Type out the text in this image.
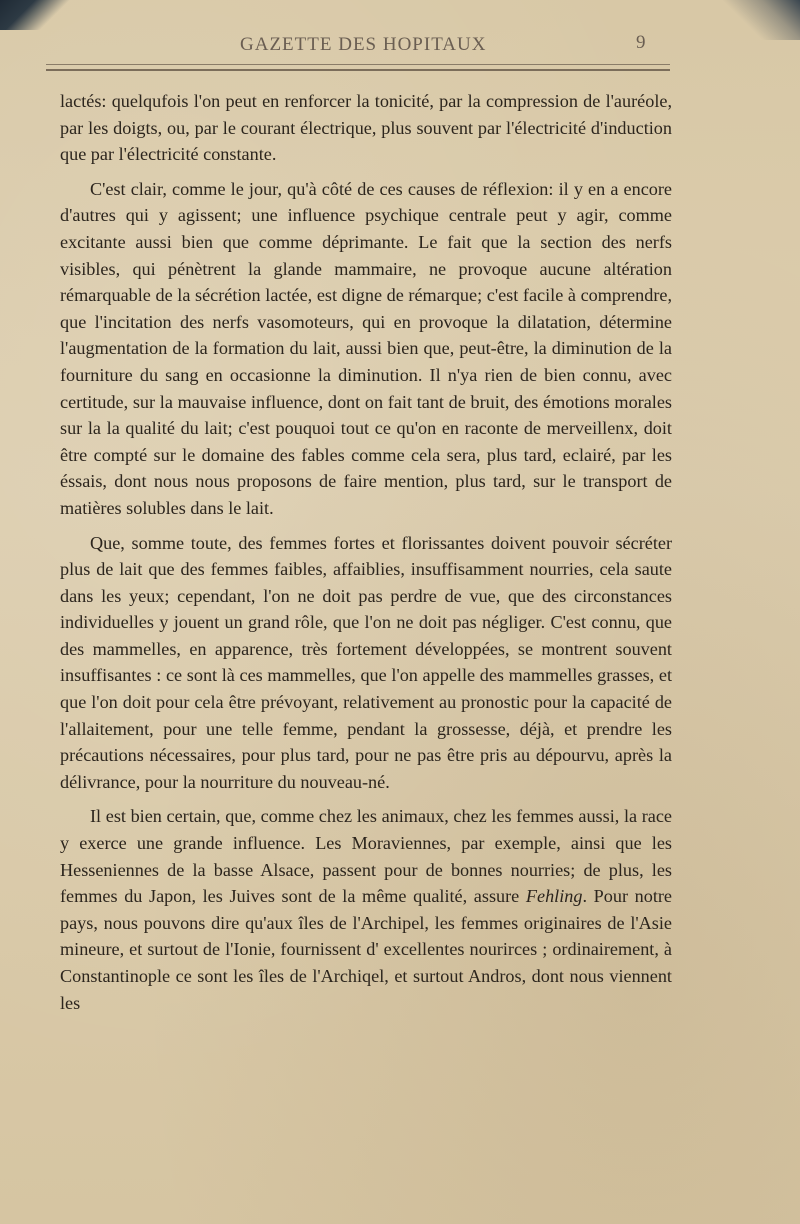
GAZETTE DES HOPITAUX	9

lactés: quelqufois l'on peut en renforcer la tonicité, par la compression de l'auréole, par les doigts, ou, par le courant électrique, plus souvent par l'électricité d'induction que par l'électricité constante.

C'est clair, comme le jour, qu'à côté de ces causes de réflexion: il y en a encore d'autres qui y agissent; une influence psychique centrale peut y agir, comme excitante aussi bien que comme déprimante. Le fait que la section des nerfs visibles, qui pénètrent la glande mammaire, ne provoque aucune altération rémarquable de la sécrétion lactée, est digne de rémarque; c'est facile à comprendre, que l'incitation des nerfs vasomoteurs, qui en provoque la dilatation, détermine l'augmentation de la formation du lait, aussi bien que, peut-être, la diminution de la fourniture du sang en occasionne la diminution. Il n'ya rien de bien connu, avec certitude, sur la mauvaise influence, dont on fait tant de bruit, des émotions morales sur la la qualité du lait; c'est pouquoi tout ce qu'on en raconte de merveillenx, doit être compté sur le domaine des fables comme cela sera, plus tard, eclairé, par les éssais, dont nous nous proposons de faire mention, plus tard, sur le transport de matières solubles dans le lait.

Que, somme toute, des femmes fortes et florissantes doivent pouvoir sécréter plus de lait que des femmes faibles, affaiblies, insuffisamment nourries, cela saute dans les yeux; cependant, l'on ne doit pas perdre de vue, que des circonstances individuelles y jouent un grand rôle, que l'on ne doit pas négliger. C'est connu, que des mammelles, en apparence, très fortement développées, se montrent souvent insuffisantes : ce sont là ces mammelles, que l'on appelle des mammelles grasses, et que l'on doit pour cela être prévoyant, relativement au pronostic pour la capacité de l'allaitement, pour une telle femme, pendant la grossesse, déjà, et prendre les précautions nécessaires, pour plus tard, pour ne pas être pris au dépourvu, après la délivrance, pour la nourriture du nouveau-né.

Il est bien certain, que, comme chez les animaux, chez les femmes aussi, la race y exerce une grande influence. Les Moraviennes, par exemple, ainsi que les Hesseniennes de la basse Alsace, passent pour de bonnes nourries; de plus, les femmes du Japon, les Juives sont de la même qualité, assure Fehling. Pour notre pays, nous pouvons dire qu'aux îles de l'Archipel, les femmes originaires de l'Asie mineure, et surtout de l'Ionie, fournissent d' excellentes nourirces ; ordinairement, à Constantinople ce sont les îles de l'Archiqel, et surtout Andros, dont nous viennent les
